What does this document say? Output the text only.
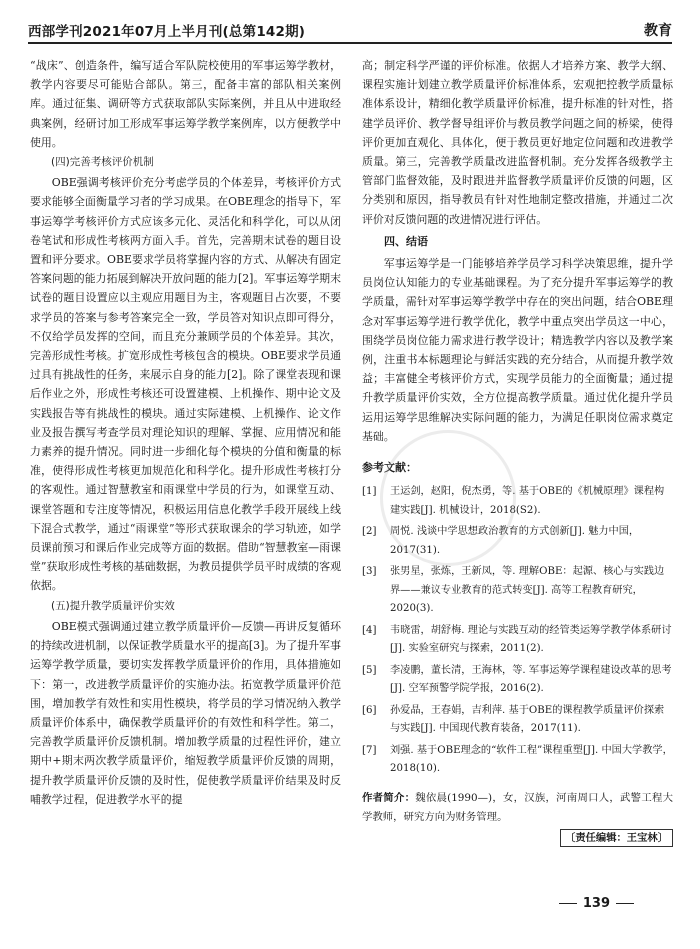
西部学刊2021年07月上半月刊(总第142期)	教育

“战床”、创造条件，编写适合军队院校使用的军事运筹学教材，教学内容要尽可能贴合部队。第三，配备丰富的部队相关案例库。通过征集、调研等方式获取部队实际案例，并且从中进取经典案例，经研讨加工形成军事运筹学教学案例库，以方便教学中使用。

(四)完善考核评价机制

OBE强调考核评价充分考虑学员的个体差异，考核评价方式要求能够全面衡量学习者的学习成果。在OBE理念的指导下，军事运筹学考核评价方式应该多元化、灵活化和科学化，可以从闭卷笔试和形成性考核两方面入手。首先，完善期末试卷的题目设置和评分要求。OBE要求学员将掌握内容的方式、从解决有固定答案问题的能力拓展到解决开放问题的能力[2]。军事运筹学期末试卷的题目设置应以主观应用题目为主，客观题目占次要，不要求学员的答案与参考答案完全一致，学员答对知识点即可得分，不仅给学员发挥的空间，而且充分兼顾学员的个体差异。其次，完善形成性考核。扩宽形成性考核包含的模块。OBE要求学员通过具有挑战性的任务，来展示自身的能力[2]。除了课堂表现和课后作业之外，形成性考核还可设置建模、上机操作、期中论文及实践报告等有挑战性的模块。通过实际建模、上机操作、论文作业及报告撰写考查学员对理论知识的理解、掌握、应用情况和能力素养的提升情况。同时进一步细化每个模块的分值和衡量的标准，使得形成性考核更加规范化和科学化。提升形成性考核打分的客观性。通过智慧教室和雨课堂中学员的行为，如课堂互动、课堂答题和专注度等情况，积极运用信息化教学手段开展线上线下混合式教学，通过“雨课堂”等形式获取课余的学习轨迹，如学员课前预习和课后作业完成等方面的数据。借助“智慧教室—雨课堂”获取形成性考核的基础数据，为教员提供学员平时成绩的客观依据。

(五)提升教学质量评价实效

OBE模式强调通过建立教学质量评价—反馈—再讲反复循环的持续改进机制，以保证教学质量水平的提高[3]。为了提升军事运筹学教学质量，要切实发挥教学质量评价的作用，具体措施如下：第一，改进教学质量评价的实施办法。拓宽教学质量评价范围，增加教学有效性和实用性模块，将学员的学习情况纳入教学质量评价体系中，确保教学质量评价的有效性和科学性。第二，完善教学质量评价反馈机制。增加教学质量的过程性评价，建立期中+期末两次教学质量评价，缩短教学质量评价反馈的周期，提升教学质量评价反馈的及时性，促使教学质量评价结果及时反哺教学过程，促进教学水平的提

高；制定科学严谨的评价标准。依据人才培养方案、教学大纲、课程实施计划建立教学质量评价标准体系，宏观把控教学质量标准体系设计，精细化教学质量评价标准，提升标准的针对性，搭建学员评价、教学督导组评价与教员教学问题之间的桥梁，使得评价更加直观化、具体化，便于教员更好地定位问题和改进教学质量。第三，完善教学质量改进监督机制。充分发挥各级教学主管部门监督效能，及时跟进并监督教学质量评价反馈的问题，区分类别和原因，指导教员有针对性地制定整改措施，并通过二次评价对反馈问题的改进情况进行评估。

四、结语

军事运筹学是一门能够培养学员学习科学决策思维，提升学员岗位认知能力的专业基础课程。为了充分提升军事运筹学的教学质量，需针对军事运筹学教学中存在的突出问题，结合OBE理念对军事运筹学进行教学优化，教学中重点突出学员这一中心，围绕学员岗位能力需求进行教学设计；精选教学内容以及教学案例，注重书本标题理论与鲜活实践的充分结合，从而提升教学效益；丰富健全考核评价方式，实现学员能力的全面衡量；通过提升教学质量评价实效，全方位提高教学质量。通过优化提升学员运用运筹学思维解决实际问题的能力，为满足任职岗位需求奠定基础。

参考文献：
[1] 王运剑，赵阳，倪杰勇，等. 基于OBE的《机械原理》课程构建实践[J]. 机械设计，2018(S2).
[2] 周悦. 浅谈中学思想政治教育的方式创新[J]. 魅力中国，2017(31).
[3] 张男星，张炼，王新凤，等. 理解OBE：起源、核心与实践边界——兼议专业教育的范式转变[J]. 高等工程教育研究，2020(3).
[4] 韦晓雷，胡舒梅. 理论与实践互动的经管类运筹学教学体系研讨[J]. 实验室研究与探索，2011(2).
[5] 李凌鹏，董长清，王海林，等. 军事运筹学课程建设改革的思考[J]. 空军预警学院学报，2016(2).
[6] 孙爱晶，王春娟，吉利萍. 基于OBE的课程教学质量评价探索与实践[J]. 中国现代教育装备，2017(11).
[7] 刘强. 基于OBE理念的“软件工程”课程重塑[J]. 中国大学教学，2018(10).
作者简介：魏依晨(1990—)，女，汉族，河南周口人，武警工程大学教师，研究方向为财务管理。
〔责任编辑：王宝林〕
139
